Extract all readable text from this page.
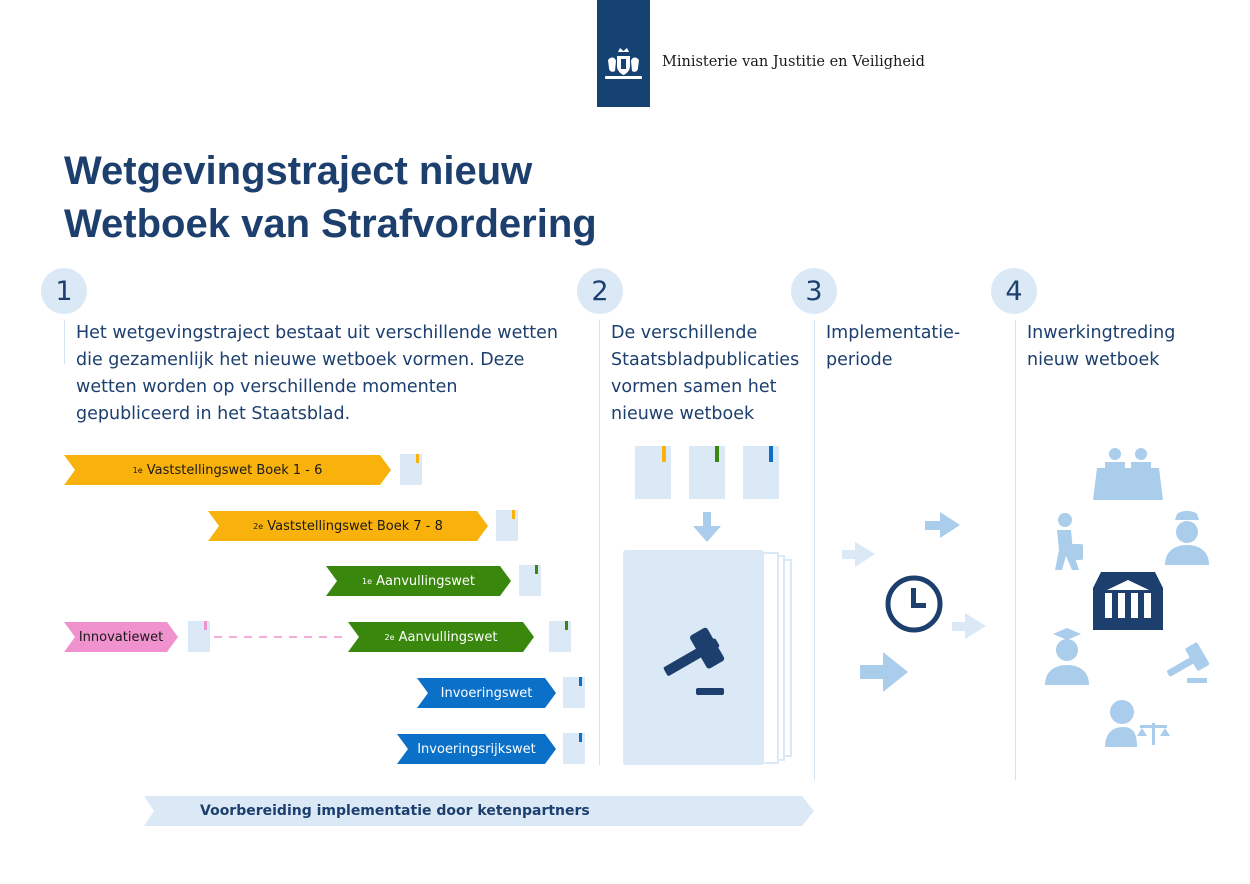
Ministerie van Justitie en Veiligheid
Wetgevingstraject nieuw
Wetboek van Strafvordering
1	2	3	4
Het wetgevingstraject bestaat uit verschillende wetten die gezamenlijk het nieuwe wetboek vormen. Deze wetten worden op verschillende momenten gepubliceerd in het Staatsblad.
De verschillende Staatsbladpublicaties vormen samen het nieuwe wetboek
Implementatie-periode
Inwerkingtreding nieuw wetboek
1e
Vaststellingswet Boek 1 - 6
2e
Vaststellingswet Boek 7 - 8
1e
Aanvullingswet
2e
Aanvullingswet
Innovatiewet
Invoeringswet
Invoeringsrijkswet
Voorbereiding implementatie door ketenpartners
